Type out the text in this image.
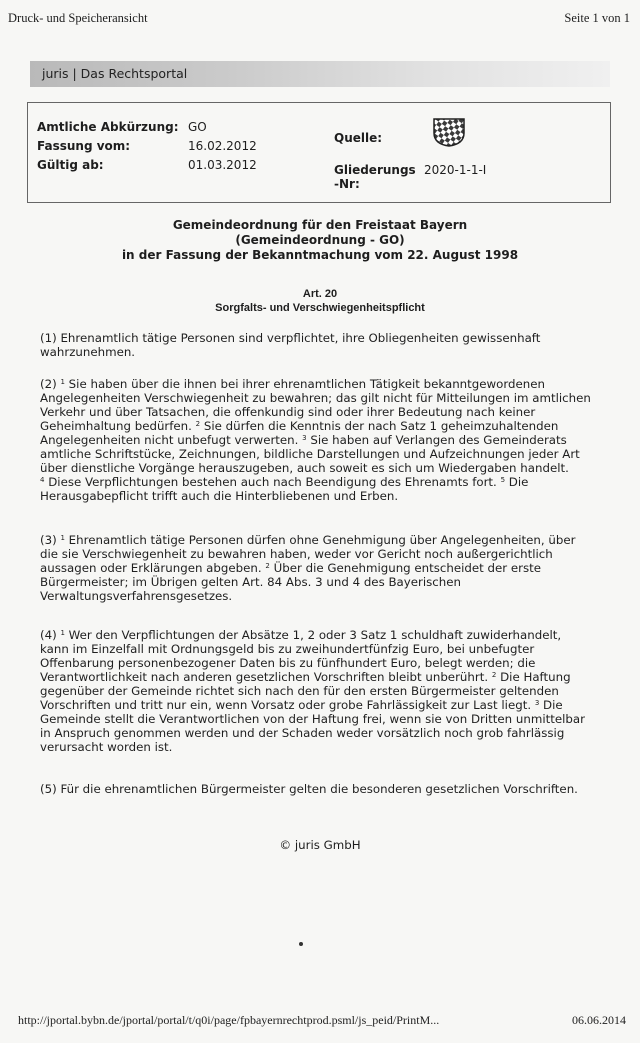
Druck- und Speicheransicht	Seite 1 von 1
juris | Das Rechtsportal
Amtliche Abkürzung: GO
Fassung vom:	16.02.2012
Gültig ab:	01.03.2012
Quelle:
Gliederungs 2020-1-1-I
-Nr:
Gemeindeordnung für den Freistaat Bayern
(Gemeindeordnung - GO)
in der Fassung der Bekanntmachung vom 22. August 1998
Art. 20
Sorgfalts- und Verschwiegenheitspflicht
(1) Ehrenamtlich tätige Personen sind verpflichtet, ihre Obliegenheiten gewissenhaft
wahrzunehmen.
(2) $^1$ Sie haben über die ihnen bei ihrer ehrenamtlichen Tätigkeit bekanntgewordenen
Angelegenheiten Verschwiegenheit zu bewahren; das gilt nicht für Mitteilungen im amtlichen
Verkehr und über Tatsachen, die offenkundig sind oder ihrer Bedeutung nach keiner
Geheimhaltung bedürfen. $^2$ Sie dürfen die Kenntnis der nach Satz 1 geheimzuhaltenden
Angelegenheiten nicht unbefugt verwerten. $^3$ Sie haben auf Verlangen des Gemeinderats
amtliche Schriftstücke, Zeichnungen, bildliche Darstellungen und Aufzeichnungen jeder Art
über dienstliche Vorgänge herauszugeben, auch soweit es sich um Wiedergaben handelt.
$^4$ Diese Verpflichtungen bestehen auch nach Beendigung des Ehrenamts fort. $^5$ Die
Herausgabepflicht trifft auch die Hinterbliebenen und Erben.
(3) $^1$ Ehrenamtlich tätige Personen dürfen ohne Genehmigung über Angelegenheiten, über
die sie Verschwiegenheit zu bewahren haben, weder vor Gericht noch außergerichtlich
aussagen oder Erklärungen abgeben. $^2$ Über die Genehmigung entscheidet der erste
Bürgermeister; im Übrigen gelten Art. 84 Abs. 3 und 4 des Bayerischen
Verwaltungsverfahrensgesetzes.
(4) $^1$ Wer den Verpflichtungen der Absätze 1, 2 oder 3 Satz 1 schuldhaft zuwiderhandelt,
kann im Einzelfall mit Ordnungsgeld bis zu zweihundertfünfzig Euro, bei unbefugter
Offenbarung personenbezogener Daten bis zu fünfhundert Euro, belegt werden; die
Verantwortlichkeit nach anderen gesetzlichen Vorschriften bleibt unberührt. $^2$ Die Haftung
gegenüber der Gemeinde richtet sich nach den für den ersten Bürgermeister geltenden
Vorschriften und tritt nur ein, wenn Vorsatz oder grobe Fahrlässigkeit zur Last liegt. $^3$ Die
Gemeinde stellt die Verantwortlichen von der Haftung frei, wenn sie von Dritten unmittelbar
in Anspruch genommen werden und der Schaden weder vorsätzlich noch grob fahrlässig
verursacht worden ist.
(5) Für die ehrenamtlichen Bürgermeister gelten die besonderen gesetzlichen Vorschriften.
© juris GmbH
http://jportal.bybn.de/jportal/portal/t/q0i/page/fpbayernrechtprod.psml/js_peid/PrintM...	06.06.2014
